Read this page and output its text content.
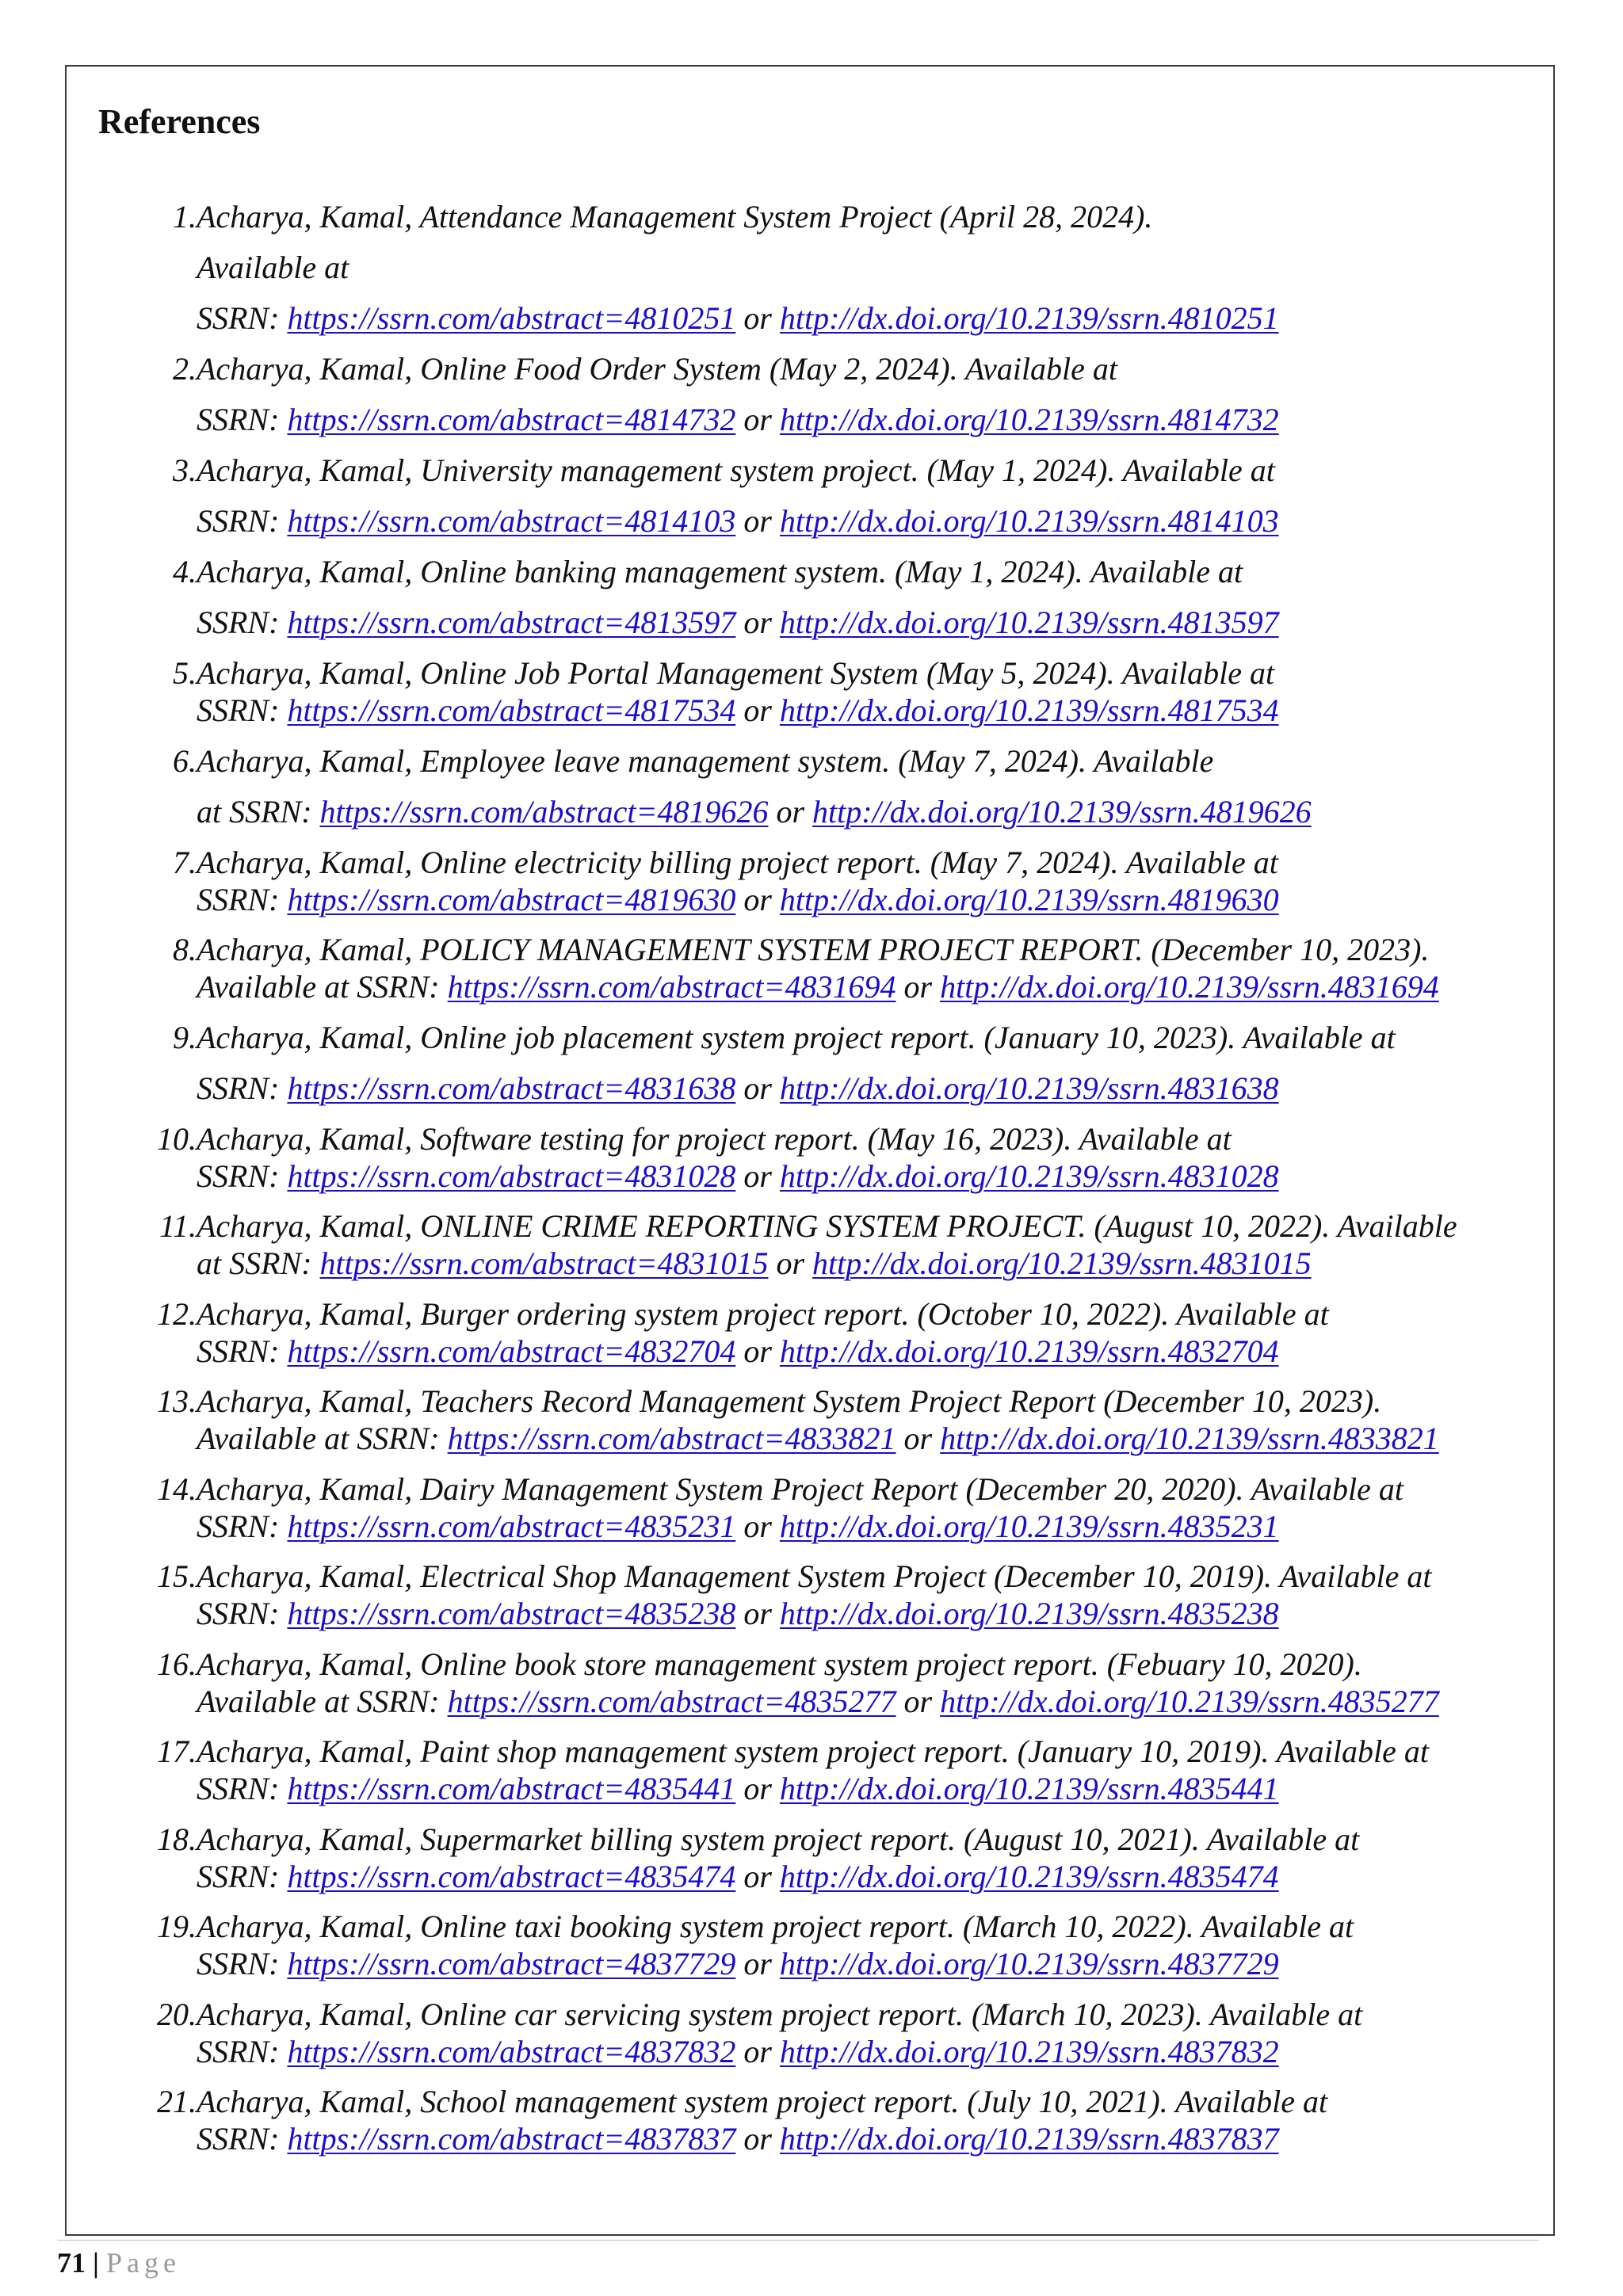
References
1. Acharya, Kamal, Attendance Management System Project (April 28, 2024).
Available at
SSRN: https://ssrn.com/abstract=4810251 or http://dx.doi.org/10.2139/ssrn.4810251
2. Acharya, Kamal, Online Food Order System (May 2, 2024). Available at
SSRN: https://ssrn.com/abstract=4814732 or http://dx.doi.org/10.2139/ssrn.4814732
3. Acharya, Kamal, University management system project. (May 1, 2024). Available at
SSRN: https://ssrn.com/abstract=4814103 or http://dx.doi.org/10.2139/ssrn.4814103
4. Acharya, Kamal, Online banking management system. (May 1, 2024). Available at
SSRN: https://ssrn.com/abstract=4813597 or http://dx.doi.org/10.2139/ssrn.4813597
5. Acharya, Kamal, Online Job Portal Management System (May 5, 2024). Available at
SSRN: https://ssrn.com/abstract=4817534 or http://dx.doi.org/10.2139/ssrn.4817534
6. Acharya, Kamal, Employee leave management system. (May 7, 2024). Available
at SSRN: https://ssrn.com/abstract=4819626 or http://dx.doi.org/10.2139/ssrn.4819626
7. Acharya, Kamal, Online electricity billing project report. (May 7, 2024). Available at
SSRN: https://ssrn.com/abstract=4819630 or http://dx.doi.org/10.2139/ssrn.4819630
8. Acharya, Kamal, POLICY MANAGEMENT SYSTEM PROJECT REPORT. (December 10, 2023).
Available at SSRN: https://ssrn.com/abstract=4831694 or http://dx.doi.org/10.2139/ssrn.4831694
9. Acharya, Kamal, Online job placement system project report. (January 10, 2023). Available at
SSRN: https://ssrn.com/abstract=4831638 or http://dx.doi.org/10.2139/ssrn.4831638
10. Acharya, Kamal, Software testing for project report. (May 16, 2023). Available at
SSRN: https://ssrn.com/abstract=4831028 or http://dx.doi.org/10.2139/ssrn.4831028
11. Acharya, Kamal, ONLINE CRIME REPORTING SYSTEM PROJECT. (August 10, 2022). Available
at SSRN: https://ssrn.com/abstract=4831015 or http://dx.doi.org/10.2139/ssrn.4831015
12. Acharya, Kamal, Burger ordering system project report. (October 10, 2022). Available at
SSRN: https://ssrn.com/abstract=4832704 or http://dx.doi.org/10.2139/ssrn.4832704
13. Acharya, Kamal, Teachers Record Management System Project Report (December 10, 2023).
Available at SSRN: https://ssrn.com/abstract=4833821 or http://dx.doi.org/10.2139/ssrn.4833821
14. Acharya, Kamal, Dairy Management System Project Report (December 20, 2020). Available at
SSRN: https://ssrn.com/abstract=4835231 or http://dx.doi.org/10.2139/ssrn.4835231
15. Acharya, Kamal, Electrical Shop Management System Project (December 10, 2019). Available at
SSRN: https://ssrn.com/abstract=4835238 or http://dx.doi.org/10.2139/ssrn.4835238
16. Acharya, Kamal, Online book store management system project report. (Febuary 10, 2020).
Available at SSRN: https://ssrn.com/abstract=4835277 or http://dx.doi.org/10.2139/ssrn.4835277
17. Acharya, Kamal, Paint shop management system project report. (January 10, 2019). Available at
SSRN: https://ssrn.com/abstract=4835441 or http://dx.doi.org/10.2139/ssrn.4835441
18. Acharya, Kamal, Supermarket billing system project report. (August 10, 2021). Available at
SSRN: https://ssrn.com/abstract=4835474 or http://dx.doi.org/10.2139/ssrn.4835474
19. Acharya, Kamal, Online taxi booking system project report. (March 10, 2022). Available at
SSRN: https://ssrn.com/abstract=4837729 or http://dx.doi.org/10.2139/ssrn.4837729
20. Acharya, Kamal, Online car servicing system project report. (March 10, 2023). Available at
SSRN: https://ssrn.com/abstract=4837832 or http://dx.doi.org/10.2139/ssrn.4837832
21. Acharya, Kamal, School management system project report. (July 10, 2021). Available at
SSRN: https://ssrn.com/abstract=4837837 or http://dx.doi.org/10.2139/ssrn.4837837
71 | Page
